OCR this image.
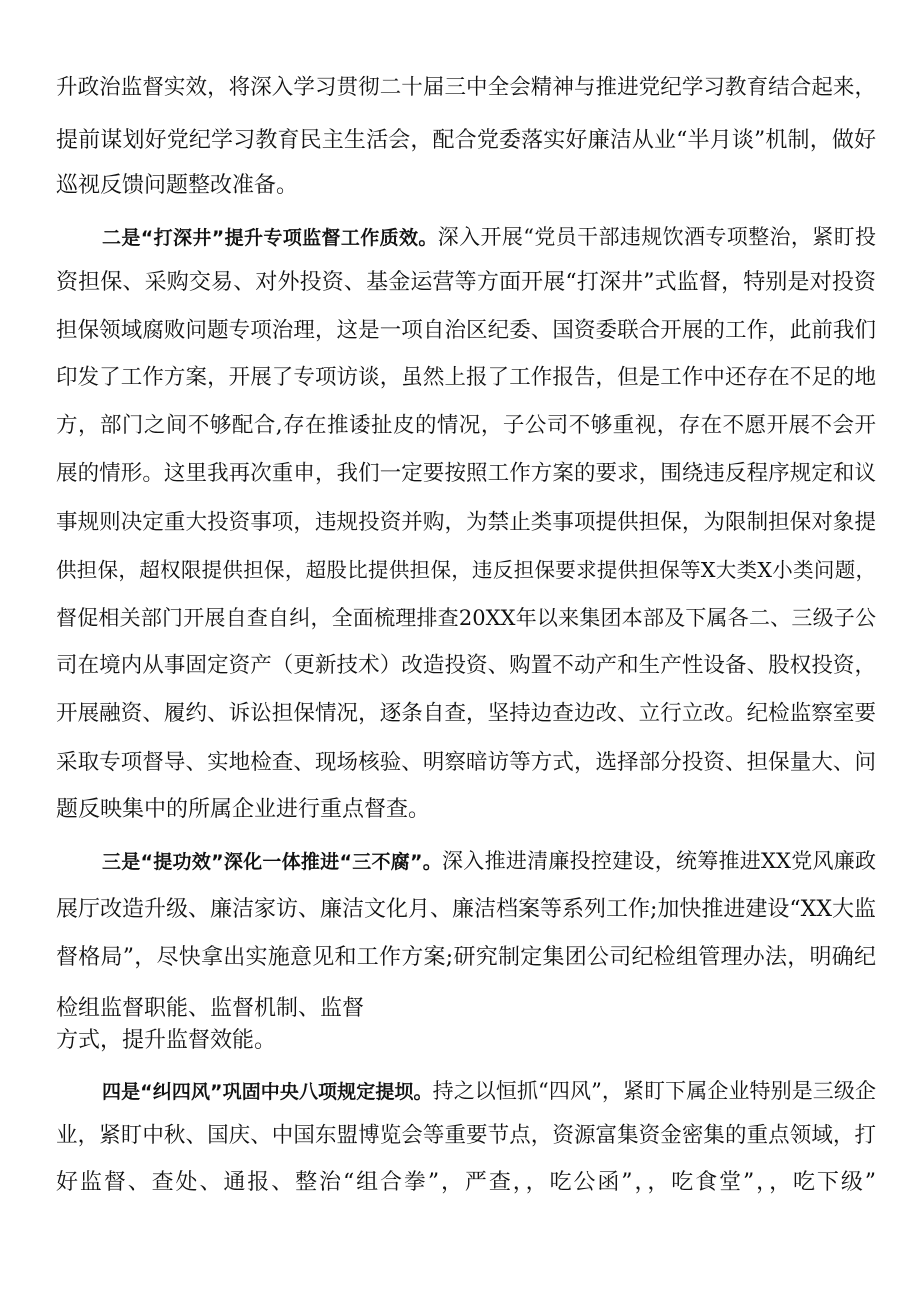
升政治监督实效，将深入学习贯彻二十届三中全会精神与推进党纪学习教育结合起来，
提前谋划好党纪学习教育民主生活会，配合党委落实好廉洁从业“半月谈”机制，做好
巡视反馈问题整改准备。
二是“打深井”提升专项监督工作质效。深入开展“党员干部违规饮酒专项整治，紧盯投
资担保、采购交易、对外投资、基金运营等方面开展“打深井”式监督，特别是对投资
担保领域腐败问题专项治理，这是一项自治区纪委、国资委联合开展的工作，此前我们
印发了工作方案，开展了专项访谈，虽然上报了工作报告，但是工作中还存在不足的地
方，部门之间不够配合,存在推诿扯皮的情况，子公司不够重视，存在不愿开展不会开
展的情形。这里我再次重申，我们一定要按照工作方案的要求，围绕违反程序规定和议
事规则决定重大投资事项，违规投资并购，为禁止类事项提供担保，为限制担保对象提
供担保，超权限提供担保，超股比提供担保，违反担保要求提供担保等X大类X小类问题，
督促相关部门开展自查自纠，全面梳理排查20XX年以来集团本部及下属各二、三级子公
司在境内从事固定资产（更新技术）改造投资、购置不动产和生产性设备、股权投资，
开展融资、履约、诉讼担保情况，逐条自查，坚持边查边改、立行立改。纪检监察室要
采取专项督导、实地检查、现场核验、明察暗访等方式，选择部分投资、担保量大、问
题反映集中的所属企业进行重点督查。
三是“提功效”深化一体推进“三不腐”。深入推进清廉投控建设，统筹推进XX党风廉政
展厅改造升级、廉洁家访、廉洁文化月、廉洁档案等系列工作;加快推进建设“XX大监
督格局”，尽快拿出实施意见和工作方案;研究制定集团公司纪检组管理办法，明确纪
检组监督职能、监督机制、监督
方式，提升监督效能。
四是“纠四风”巩固中央八项规定提坝。持之以恒抓“四风”，紧盯下属企业特别是三级企
业，紧盯中秋、国庆、中国东盟博览会等重要节点，资源富集资金密集的重点领域，打
好监督、查处、通报、整治“组合拳”，严查，，吃公函”，，吃食堂”，，吃下级”
